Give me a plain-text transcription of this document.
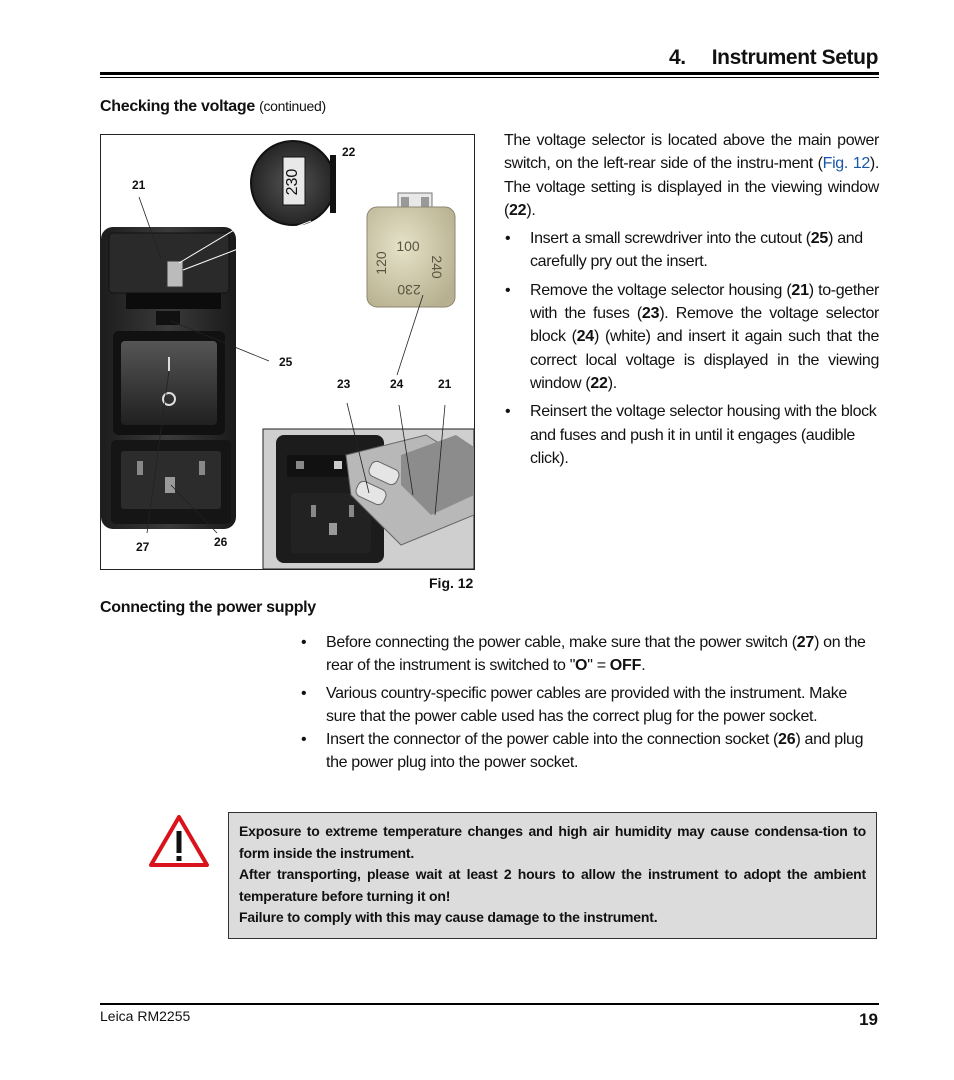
4. Instrument Setup
Checking the voltage (continued)
230
100
120	240
230
21
22
25
23	24	21
27	26
Fig. 12
The voltage selector is located above the main power switch, on the left-rear side of the instru-ment (Fig. 12). The voltage setting is displayed in the viewing window (22).
• Insert a small screwdriver into the cutout (25) and carefully pry out the insert.
• Remove the voltage selector housing (21) to-gether with the fuses (23). Remove the voltage selector block (24) (white) and insert it again such that the correct local voltage is displayed in the viewing window (22).
• Reinsert the voltage selector housing with the block and fuses and push it in until it engages (audible click).
Connecting the power supply
• Before connecting the power cable, make sure that the power switch (27) on the rear of the instrument is switched to "O" = OFF.
• Various country-specific power cables are provided with the instrument. Make sure that the power cable used has the correct plug for the power socket.
• Insert the connector of the power cable into the connection socket (26) and plug the power plug into the power socket.

Exposure to extreme temperature changes and high air humidity may cause condensa-tion to form inside the instrument.

After transporting, please wait at least 2 hours to allow the instrument to adopt the ambient temperature before turning it on!

Failure to comply with this may cause damage to the instrument.

Leica RM2255	19
